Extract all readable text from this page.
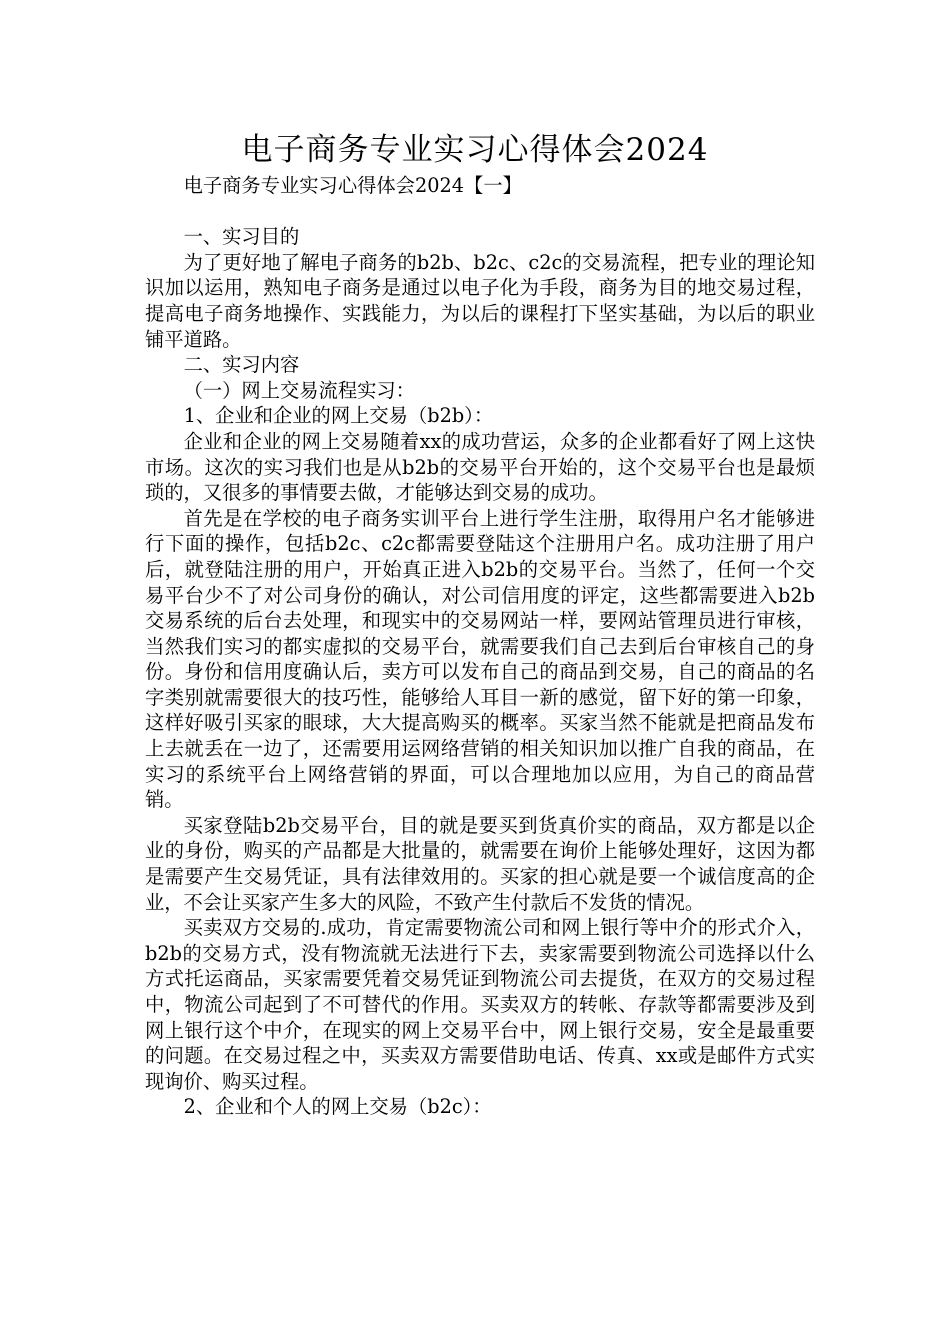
电子商务专业实习心得体会2024

电子商务专业实习心得体会2024【一】

一、实习目的

为了更好地了解电子商务的b2b、b2c、c2c的交易流程，把专业的理论知识加以运用，熟知电子商务是通过以电子化为手段，商务为目的地交易过程，提高电子商务地操作、实践能力，为以后的课程打下坚实基础，为以后的职业铺平道路。

二、实习内容

（一）网上交易流程实习：

1、企业和企业的网上交易（b2b）：

企业和企业的网上交易随着xx的成功营运，众多的企业都看好了网上这快市场。这次的实习我们也是从b2b的交易平台开始的，这个交易平台也是最烦琐的，又很多的事情要去做，才能够达到交易的成功。

首先是在学校的电子商务实训平台上进行学生注册，取得用户名才能够进行下面的操作，包括b2c、c2c都需要登陆这个注册用户名。成功注册了用户后，就登陆注册的用户，开始真正进入b2b的交易平台。当然了，任何一个交易平台少不了对公司身份的确认，对公司信用度的评定，这些都需要进入b2b交易系统的后台去处理，和现实中的交易网站一样，要网站管理员进行审核，当然我们实习的都实虚拟的交易平台，就需要我们自己去到后台审核自己的身份。身份和信用度确认后，卖方可以发布自己的商品到交易，自己的商品的名字类别就需要很大的技巧性，能够给人耳目一新的感觉，留下好的第一印象，这样好吸引买家的眼球，大大提高购买的概率。买家当然不能就是把商品发布上去就丢在一边了，还需要用运网络营销的相关知识加以推广自我的商品，在实习的系统平台上网络营销的界面，可以合理地加以应用，为自己的商品营销。

买家登陆b2b交易平台，目的就是要买到货真价实的商品，双方都是以企业的身份，购买的产品都是大批量的，就需要在询价上能够处理好，这因为都是需要产生交易凭证，具有法律效用的。买家的担心就是要一个诚信度高的企业，不会让买家产生多大的风险，不致产生付款后不发货的情况。

买卖双方交易的.成功，肯定需要物流公司和网上银行等中介的形式介入，b2b的交易方式，没有物流就无法进行下去，卖家需要到物流公司选择以什么方式托运商品，买家需要凭着交易凭证到物流公司去提货，在双方的交易过程中，物流公司起到了不可替代的作用。买卖双方的转帐、存款等都需要涉及到网上银行这个中介，在现实的网上交易平台中，网上银行交易，安全是最重要的问题。在交易过程之中，买卖双方需要借助电话、传真、xx或是邮件方式实现询价、购买过程。

2、企业和个人的网上交易（b2c）：
